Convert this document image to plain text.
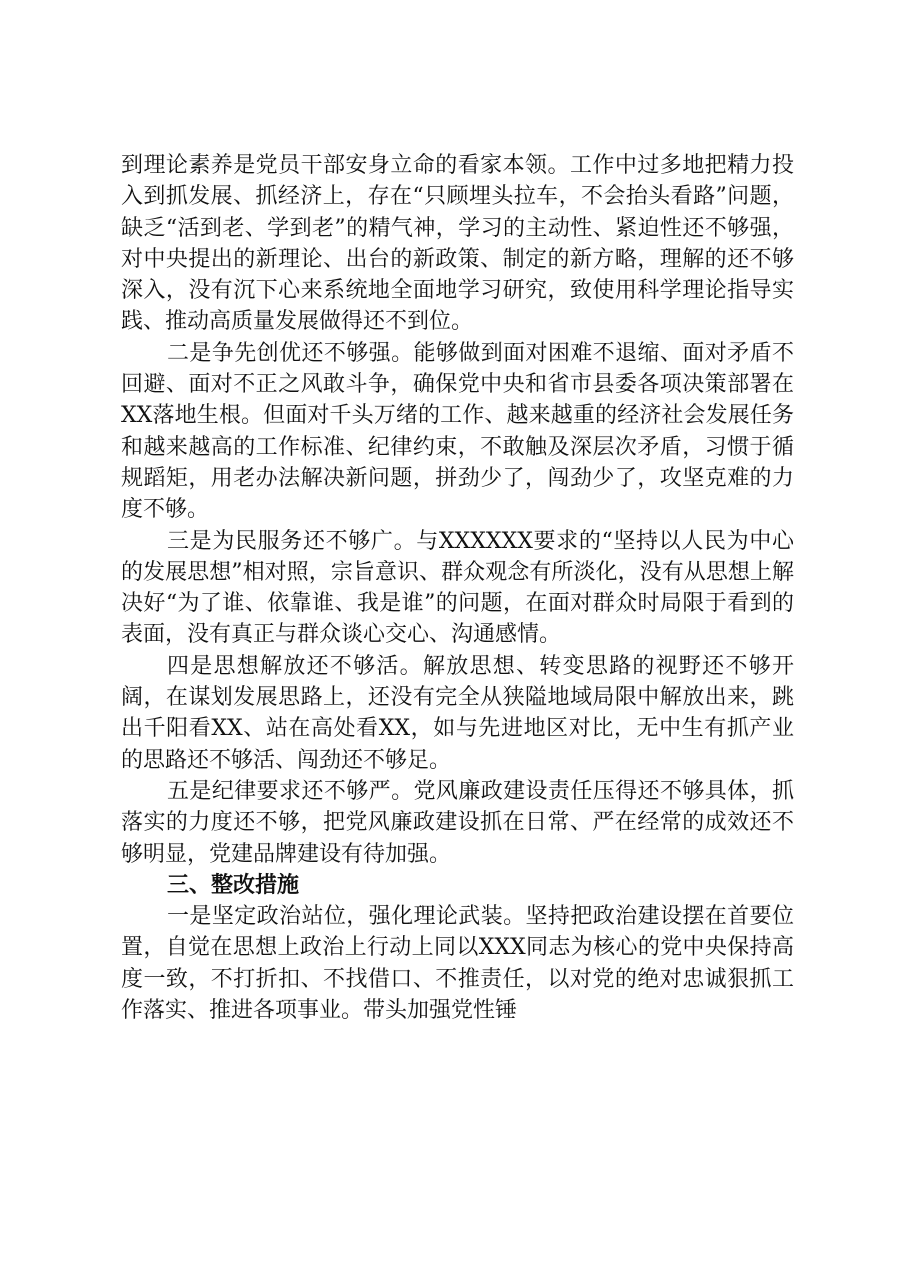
到理论素养是党员干部安身立命的看家本领。工作中过多地把精力投入到抓发展、抓经济上，存在“只顾埋头拉车，不会抬头看路”问题，缺乏“活到老、学到老”的精气神，学习的主动性、紧迫性还不够强，对中央提出的新理论、出台的新政策、制定的新方略，理解的还不够深入，没有沉下心来系统地全面地学习研究，致使用科学理论指导实践、推动高质量发展做得还不到位。

二是争先创优还不够强。能够做到面对困难不退缩、面对矛盾不回避、面对不正之风敢斗争，确保党中央和省市县委各项决策部署在XX落地生根。但面对千头万绪的工作、越来越重的经济社会发展任务和越来越高的工作标准、纪律约束，不敢触及深层次矛盾，习惯于循规蹈矩，用老办法解决新问题，拼劲少了，闯劲少了，攻坚克难的力度不够。

三是为民服务还不够广。与XXXXXX要求的“坚持以人民为中心的发展思想”相对照，宗旨意识、群众观念有所淡化，没有从思想上解决好“为了谁、依靠谁、我是谁”的问题，在面对群众时局限于看到的表面，没有真正与群众谈心交心、沟通感情。

四是思想解放还不够活。解放思想、转变思路的视野还不够开阔，在谋划发展思路上，还没有完全从狭隘地域局限中解放出来，跳出千阳看XX、站在高处看XX，如与先进地区对比，无中生有抓产业的思路还不够活、闯劲还不够足。

五是纪律要求还不够严。党风廉政建设责任压得还不够具体，抓落实的力度还不够，把党风廉政建设抓在日常、严在经常的成效还不够明显，党建品牌建设有待加强。

三、整改措施

一是坚定政治站位，强化理论武装。坚持把政治建设摆在首要位置，自觉在思想上政治上行动上同以XXX同志为核心的党中央保持高度一致，不打折扣、不找借口、不推责任，以对党的绝对忠诚狠抓工作落实、推进各项事业。带头加强党性锤
